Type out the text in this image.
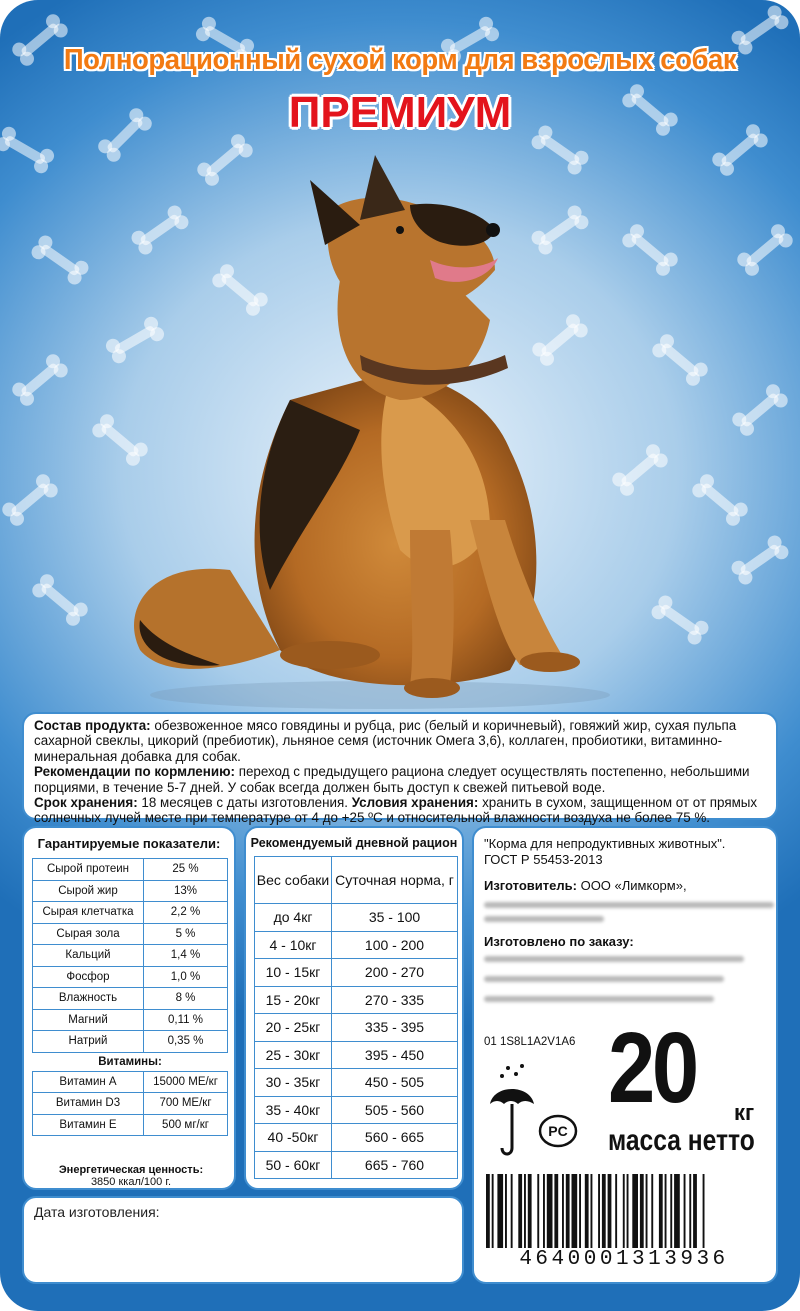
Полнорационный сухой корм для взрослых собак
ПРЕМИУМ
Состав продукта: обезвоженное мясо говядины и рубца, рис (белый и коричневый), говяжий жир, сухая пульпа сахарной свеклы, цикорий (пребиотик), льняное семя (источник Омега 3,6), коллаген, пробиотики, витаминно-минеральная добавка для собак.
Рекомендации по кормлению: переход с предыдущего рациона следует осуществлять постепенно, небольшими порциями, в течение 5-7 дней. У собак всегда должен быть доступ к свежей питьевой воде.
Срок хранения: 18 месяцев с даты изготовления. Условия хранения: хранить в сухом, защищенном от от прямых солнечных лучей месте при температуре от 4 до +25 ºС и относительной влажности воздуха не более 75 %.
Гарантируемые показатели:
Сырой протеин	25 %
Сырой жир	13%
Сырая клетчатка	2,2 %
Сырая зола	5 %
Кальций	1,4 %
Фосфор	1,0 %
Влажность	8 %
Магний	0,11 %
Натрий	0,35 %
Витамины:	
Витамин А	15000 МЕ/кг
Витамин D3	700 МЕ/кг
Витамин Е	500 мг/кг
Энергетическая ценность:
3850 ккал/100 г.
Рекомендуемый дневной рацион
Вес собаки	Суточная норма, г
до 4кг	35 - 100
4 - 10кг	100 - 200
10 - 15кг	200 - 270
15 - 20кг	270 - 335
20 - 25кг	335 - 395
25 - 30кг	395 - 450
30 - 35кг	450 - 505
35 - 40кг	505 - 560
40 -50кг	560 - 665
50 - 60кг	665 - 760
"Корма для непродуктивных животных".
ГОСТ Р 55453-2013
Изготовитель: ООО «Лимкорм»,
Изготовлено по заказу:
01 1S8L1A2V1A6
PC
20 кг
масса нетто
4640001313936
Дата изготовления:
